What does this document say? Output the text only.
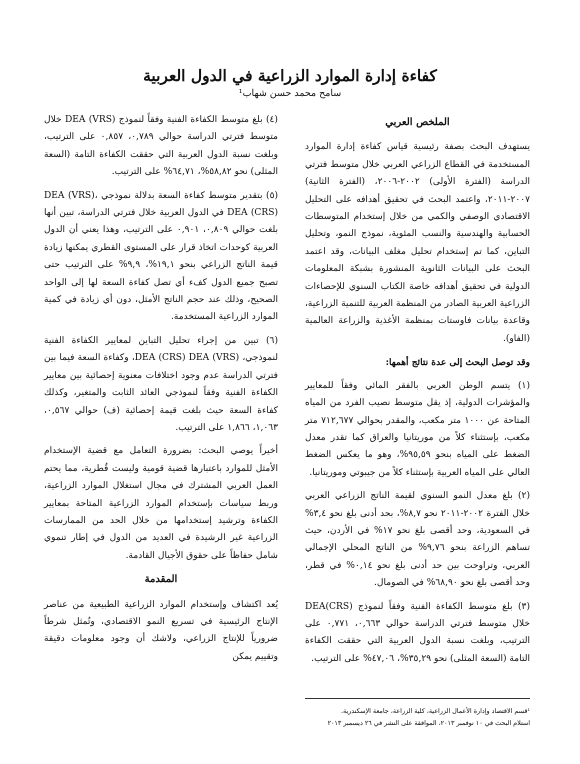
كفاءة إدارة الموارد الزراعية في الدول العربية
سامح محمد حسن شهاب¹
الملخص العربي

يستهدف البحث بصفة رئيسية قياس كفاءة إدارة الموارد المستخدمة في القطاع الزراعي العربي خلال متوسط فترتي الدراسة (الفترة الأولى) ٢٠٠٢-٢٠٠٦، (الفترة الثانية) ٢٠٠٧-٢٠١١، واعتمد البحث في تحقيق أهدافه على التحليل الاقتصادي الوصفي والكمي من خلال إستخدام المتوسطات الحسابية والهندسية والنسب المئوية، نموذج النمو، وتحليل التباين، كما تم إستخدام تحليل مغلف البيانات، وقد اعتمد البحث على البيانات الثانوية المنشورة بشبكة المعلومات الدولية في تحقيق أهدافه خاصة الكتاب السنوي للإحصاءات الزراعية العربية الصادر من المنظمة العربية للتنمية الزراعية، وقاعدة بيانات فاوستات بمنظمة الأغذية والزراعة العالمية (الفاو).

وقد توصل البحث إلى عدة نتائج أهمها:

(١) يتسم الوطن العربي بالفقر المائي وفقاً للمعايير والمؤشرات الدولية، إذ يقل متوسط نصيب الفرد من المياه المتاحة عن ١٠٠٠ متر مكعب، والمقدر بحوالي ٧١٢,٦٧٧ متر مكعب، بإستثناء كلاً من موريتانيا والعراق كما تقدر معدل الضغط على المياه بنحو ٩٥,٥٩%، وهو ما يعكس الضغط العالي على المياه العربية بإستثناء كلاً من جيبوتي وموريتانيا.

(٢) بلغ معدل النمو السنوي لقيمة الناتج الزراعي العربي خلال الفترة ٢٠٠٢-٢٠١١ نحو ٨,٧%، بحد أدنى بلغ نحو ٣,٤% في السعودية، وحد أقصى بلغ نحو ١٧% في الأردن، حيث تساهم الزراعة بنحو ٩,٧٦% من الناتج المحلي الإجمالي العربي، وتراوحت بين حد أدنى بلغ نحو ٠,١٤% في قطر، وحد أقصى بلغ نحو ٦٨,٩٠% في الصومال.

(٣) بلغ متوسط الكفاءة الفنية وفقاً لنموذج DEA(CRS) خلال متوسط فترتي الدراسة حوالي ٠,٦٦٣، ٠,٧٧١ على الترتيب، وبلغت نسبة الدول العربية التي حققت الكفاءة التامة (السعة المثلى) نحو ٣٥,٢٩%، ٤٧,٠٦% على الترتيب.

(٤) بلغ متوسط الكفاءة الفنية وفقاً لنموذج DEA (VRS) خلال متوسط فترتي الدراسة حوالي ٠,٧٨٩، ٠,٨٥٧ على الترتيب، وبلغت نسبة الدول العربية التي حققت الكفاءة التامة (السعة المثلى) نحو ٥٨,٨٢%، ٦٤,٧١% على الترتيب.

(٥) بتقدير متوسط كفاءة السعة بدلالة نموذجي DEA (VRS)، DEA (CRS) في الدول العربية خلال فترتي الدراسة، تبين أنها بلغت حوالي ٠,٨٠٩، ٠,٩٠١ على الترتيب، وهذا يعني أن الدول العربية كوحدات اتخاذ قرار على المستوى القطري يمكنها زيادة قيمة الناتج الزراعي بنحو ١٩,١%، ٩,٩% على الترتيب حتى تصبح جميع الدول كفء أي تصل كفاءة السعة لها إلى الواحد الصحيح، وذلك عند حجم الناتج الأمثل، دون أي زيادة في كمية الموارد الزراعية المستخدمة.

(٦) تبين من إجراء تحليل التباين لمعايير الكفاءة الفنية لنموذجي، DEA (CRS) DEA (VRS)، وكفاءة السعة فيما بين فترتي الدراسة عدم وجود اختلافات معنوية إحصائية بين معايير الكفاءة الفنية وفقاً لنموذجي العائد الثابت والمتغير، وكذلك كفاءة السعة حيث بلغت قيمة إحصائية (ف) حوالي ٠,٥٦٧، ١,٠٦٣، ١,٨٦٦ على الترتيب.

أخيراً يوصي البحث: بضرورة التعامل مع قضية الإستخدام الأمثل للموارد باعتبارها قضية قومية وليست قُطرية، مما يحتم العمل العربي المشترك في مجال استغلال الموارد الزراعية، وربط سياسات بإستخدام الموارد الزراعية المتاحة بمعايير الكفاءة وترشيد إستخدامها من خلال الحد من الممارسات الزراعية غير الرشيدة في العديد من الدول في إطار تنموي شامل حفاظاً على حقوق الأجيال القادمة.

المقدمة

يُعد اكتشاف وإستخدام الموارد الزراعية الطبيعية من عناصر الإنتاج الرئيسية في تسريع النمو الاقتصادي، وتُمثل شرطاً ضرورياً للإنتاج الزراعي، ولاشك أن وجود معلومات دقيقة وتقييم يمكن

¹قسم الاقتصاد وإدارة الأعمال الزراعية، كلية الزراعة، جامعة الإسكندرية.
استلام البحث في ١٠ نوفمبر ٢٠١٣، الموافقة على النشر في ٢٦ ديسمبر ٢٠١٣
